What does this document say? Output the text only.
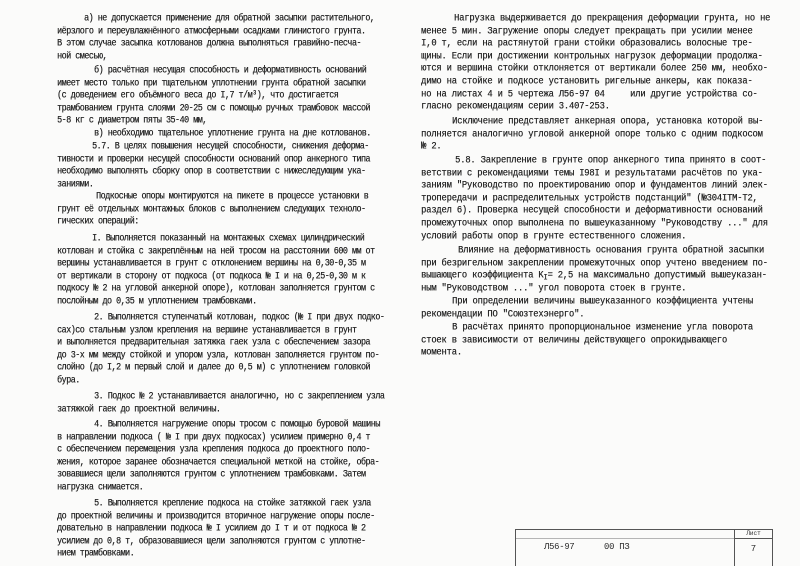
а) не допускается применение для обратной засыпки растительного,
иёрзлого и переувлажнённого атмосферными осадками глинистого грунта.
В этом случае засыпка котлованов должна выполняться гравийно-песча-
ной смесью,
б) расчётная несущая способность и деформативность оснований
имеет место только при тщательном уплотнении грунта обратной засыпки
(с доведением его объёмного веса до I,7 т/м³), что достигается
трамбованием грунта слоями 20-25 см с помощью ручных трамбовок массой
5-8 кг с диаметром пяты 35-40 мм,
в) необходимо тщательное уплотнение грунта на дне котлованов.
5.7. В целях повышения несущей способности, снижения деформа-
тивности и проверки несущей способности оснований опор анкерного типа
необходимо выполнять сборку опор в соответствии с нижеследующим ука-
заниями.
Подкосные опоры монтируются на пикете в процессе установки в
грунт её отдельных монтажных блоков с выполнением следующих техноло-
гических операций:
I. Выполняется показанный на монтажных схемах цилиндрический
котлован и стойка с закреплённым на ней тросом на расстоянии 600 мм от
вершины устанавливается в грунт с отклонением вершины на 0,30-0,35 м
от вертикали в сторону от подкоса (от подкоса № I и на 0,25-0,30 м к
подкосу № 2 на угловой анкерной опоре), котлован заполняется грунтом с
послойным до 0,35 м уплотнением трамбовками.
2. Выполняется ступенчатый котлован, подкос (№ I при двух подко-
сах)со стальным узлом крепления на вершине устанавливается в грунт
и выполняется предварительная затяжка гаек узла с обеспечением зазора
до 3-х мм между стойкой и упором узла, котлован заполняется грунтом по-
слойно (до I,2 м первый слой и далее до 0,5 м) с уплотнением головкой
бура.
3. Подкос № 2 устанавливается аналогично, но с закреплением узла
затяжкой гаек до проектной величины.
4. Выполняется нагружение опоры тросом с помощью буровой машины
в направлении подкоса ( № I при двух подкосах) усилием примерно 0,4 т
с обеспечением перемещения узла крепления подкоса до проектного поло-
жения, которое заранее обозначается специальной меткой на стойке, обра-
зовавшиеся щели заполняются грунтом с уплотнением трамбовками. Затем
нагрузка снимается.
5. Выполняется крепление подкоса на стойке затяжкой гаек узла
до проектной величины и производится вторичное нагружение опоры после-
довательно в направлении подкоса № I усилием до I т и от подкоса № 2
усилием до 0,8 т, образовавшиеся щели заполняются грунтом с уплотне-
нием трамбовками.
Нагрузка выдерживается до прекращения деформации грунта, но не
менее 5 мин. Загружение опоры следует прекращать при усилии менее
I,0 т, если на растянутой грани стойки образовались волосные тре-
щины. Если при достижении контрольных нагрузок деформации продолжа-
ются и вершина стойки отклоняется от вертикали более 250 мм, необхо-
димо на стойке и подкосе установить ригельные анкеры, как показа-
но на листах 4 и 5 чертежа Л56-97 04     или другие устройства со-
гласно рекомендациям серии 3.407-253.
Исключение представляет анкерная опора, установка которой вы-
полняется аналогично угловой анкерной опоре только с одним подкосом
№ 2.
5.8. Закрепление в грунте опор анкерного типа принято в соот-
ветствии с рекомендациями темы I98I и результатами расчётов по ука-
заниям "Руководство по проектированию опор и фундаментов линий элек-
тропередачи и распределительных устройств подстанций" (№304ITM-T2,
раздел 6). Проверка несущей способности и деформативности оснований
промежуточных опор выполнена по вышеуказанному "Руководству ..." для
условий работы опор в грунте естественного сложения.
Влияние на деформативность основания грунта обратной засыпки
при безригельном закреплении промежуточных опор учтено введением по-
вышающего коэффициента $K_I= 2,5$ на максимально допустимый вышеуказан-
ным "Руководством ..." угол поворота стоек в грунте.
При определении величины вышеуказанного коэффициента учтены
рекомендации ПО "Союзтехэнерго".
В расчётах принято пропорциональное изменение угла поворота
стоек в зависимости от величины действующего опрокидывающего
момента.
Л56-97	00 ПЗ
Лист
7
